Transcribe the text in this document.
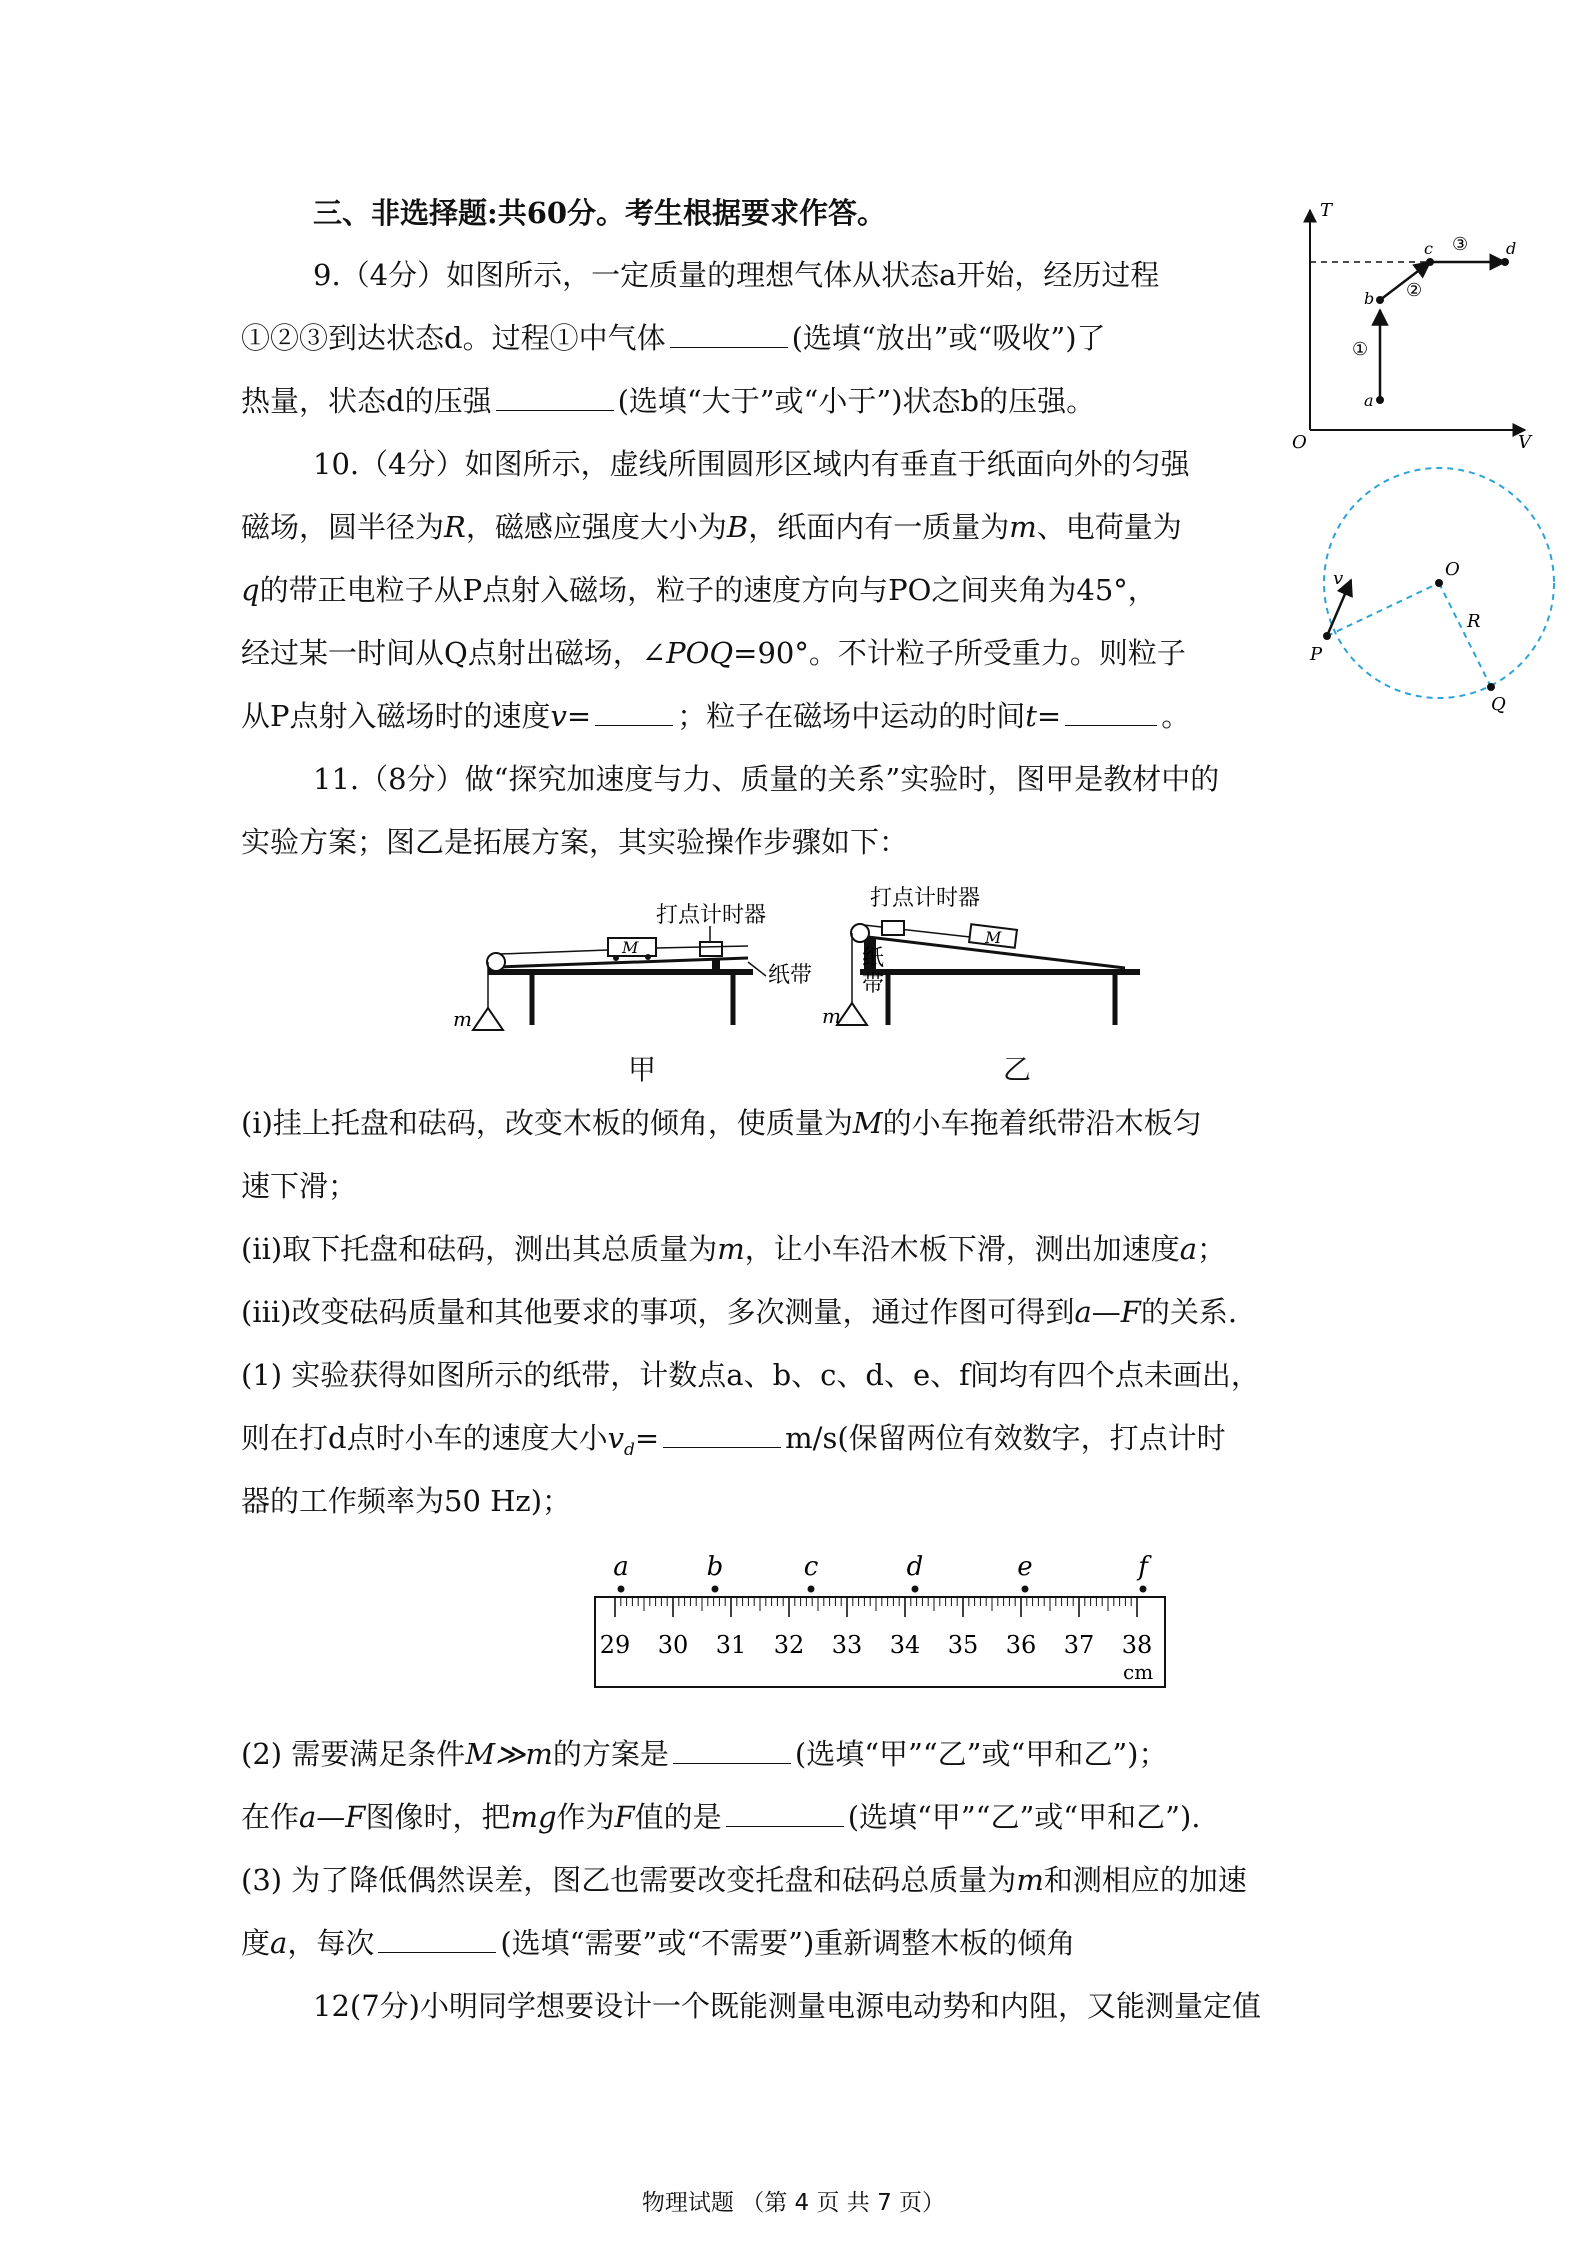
三、非选择题:共60分。考生根据要求作答。
9.（4分）如图所示，一定质量的理想气体从状态a开始，经历过程
①②③到达状态d。过程①中气体	(选填“放出”或“吸收”)了
热量，状态d的压强	(选填“大于”或“小于”)状态b的压强。
10.（4分）如图所示，虚线所围圆形区域内有垂直于纸面向外的匀强
磁场，圆半径为R，磁感应强度大小为B，纸面内有一质量为m、电荷量为
q的带正电粒子从P点射入磁场，粒子的速度方向与PO之间夹角为45°，
经过某一时间从Q点射出磁场，∠POQ=90°。不计粒子所受重力。则粒子
从P点射入磁场时的速度v=	；粒子在磁场中运动的时间t=	。
11.（8分）做“探究加速度与力、质量的关系”实验时，图甲是教材中的
实验方案；图乙是拓展方案，其实验操作步骤如下：
(ⅰ)挂上托盘和砝码，改变木板的倾角，使质量为M的小车拖着纸带沿木板匀
速下滑；
(ⅱ)取下托盘和砝码，测出其总质量为m，让小车沿木板下滑，测出加速度a；
(ⅲ)改变砝码质量和其他要求的事项，多次测量，通过作图可得到a—F的关系.
(1) 实验获得如图所示的纸带，计数点a、b、c、d、e、f间均有四个点未画出，
则在打d点时小车的速度大小$v_d=$	m/s(保留两位有效数字，打点计时
器的工作频率为50 Hz)；
(2) 需要满足条件M≫m的方案是	(选填“甲”“乙”或“甲和乙”)；
在作a—F图像时，把mg作为F值的是	(选填“甲”“乙”或“甲和乙”).
(3) 为了降低偶然误差，图乙也需要改变托盘和砝码总质量为m和测相应的加速
度a，每次	(选填“需要”或“不需要”)重新调整木板的倾角
12(7分)小明同学想要设计一个既能测量电源电动势和内阻，又能测量定值
T
V
O
a
b
c	d
①
②
③
O
R
P
Q
v
打点计时器
纸带
M
m
甲
打点计时器
纸
带
M
m
乙
29 30 31 32 33 34 35 36 37 38
a	b	c	d	e	f
cm
物理试题 （第 4 页 共 7 页）
